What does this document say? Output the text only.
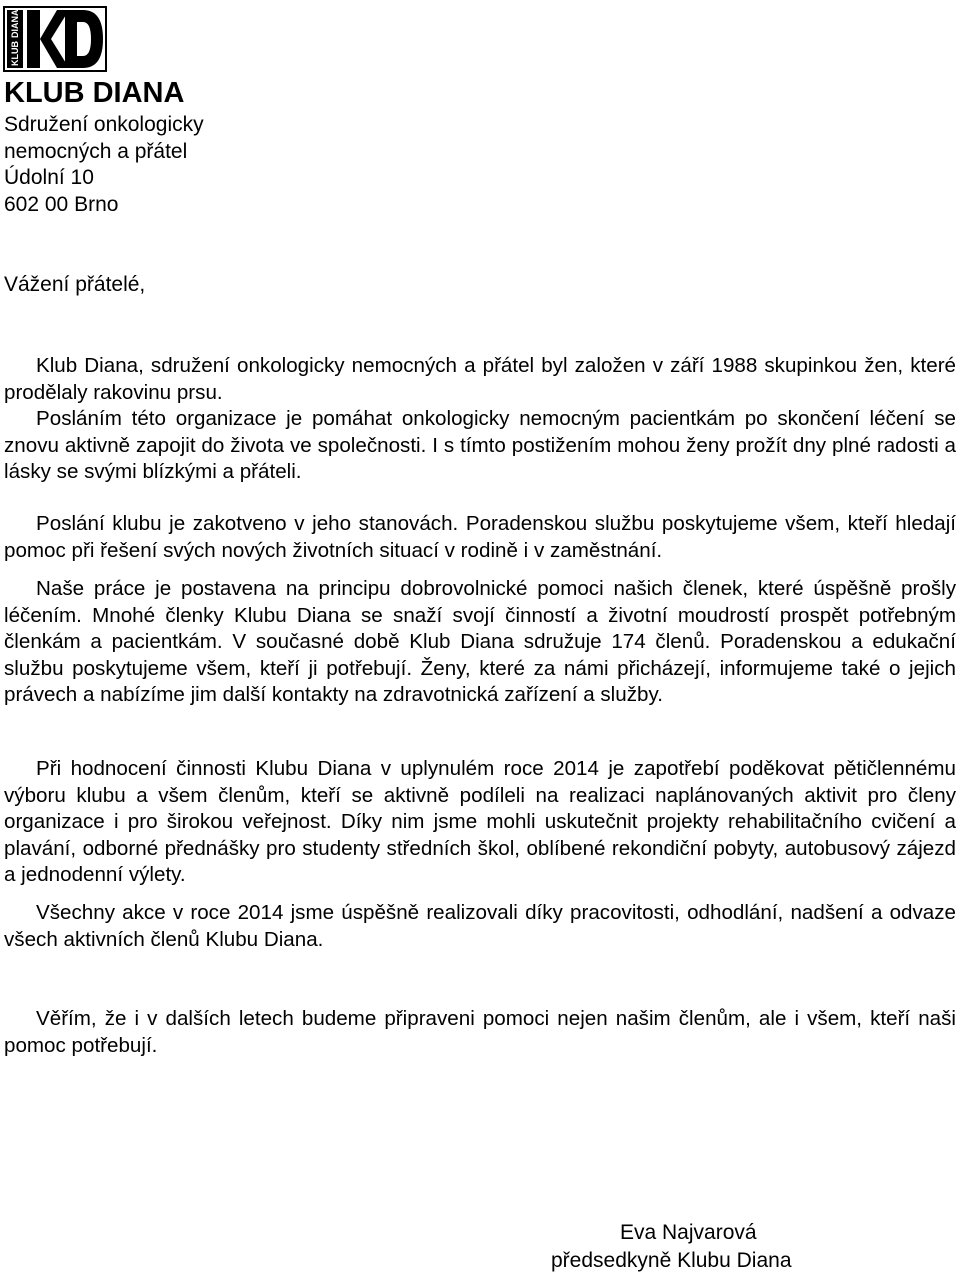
KLUB
DIANA

KLUB DIANA

Sdružení onkologicky

nemocných a přátel

Údolní 10

602 00 Brno

Vážení přátelé,

Klub Diana, sdružení onkologicky nemocných a přátel byl založen v září 1988 skupinkou žen, které prodělaly rakovinu prsu.

Posláním této organizace je pomáhat onkologicky nemocným pacientkám po skončení léčení se znovu aktivně zapojit do života ve společnosti. I s tímto postižením mohou ženy prožít dny plné radosti a lásky se svými blízkými a přáteli.

Poslání klubu je zakotveno v jeho stanovách. Poradenskou službu poskytujeme všem, kteří hledají pomoc při řešení svých nových životních situací v rodině i v zaměstnání.

Naše práce je postavena na principu dobrovolnické pomoci našich členek, které úspěšně prošly léčením. Mnohé členky Klubu Diana se snaží svojí činností a životní moudrostí prospět potřebným členkám a pacientkám. V současné době Klub Diana sdružuje 174 členů. Poradenskou a edukační službu poskytujeme všem, kteří ji potřebují. Ženy, které za námi přicházejí, informujeme také o jejich právech a nabízíme jim další kontakty na zdravotnická zařízení a služby.

Při hodnocení činnosti Klubu Diana v uplynulém roce 2014 je zapotřebí poděkovat pětičlennému výboru klubu a všem členům, kteří se aktivně podíleli na realizaci naplánovaných aktivit pro členy organizace i pro širokou veřejnost. Díky nim jsme mohli uskutečnit projekty rehabilitačního cvičení a plavání, odborné přednášky pro studenty středních škol, oblíbené rekondiční pobyty, autobusový zájezd a jednodenní výlety.

Všechny akce v roce 2014 jsme úspěšně realizovali díky pracovitosti, odhodlání, nadšení a odvaze všech aktivních členů Klubu Diana.

Věřím, že i v dalších letech budeme připraveni pomoci nejen našim členům, ale i všem, kteří naši pomoc potřebují.

Eva Najvarová
předsedkyně Klubu Diana
